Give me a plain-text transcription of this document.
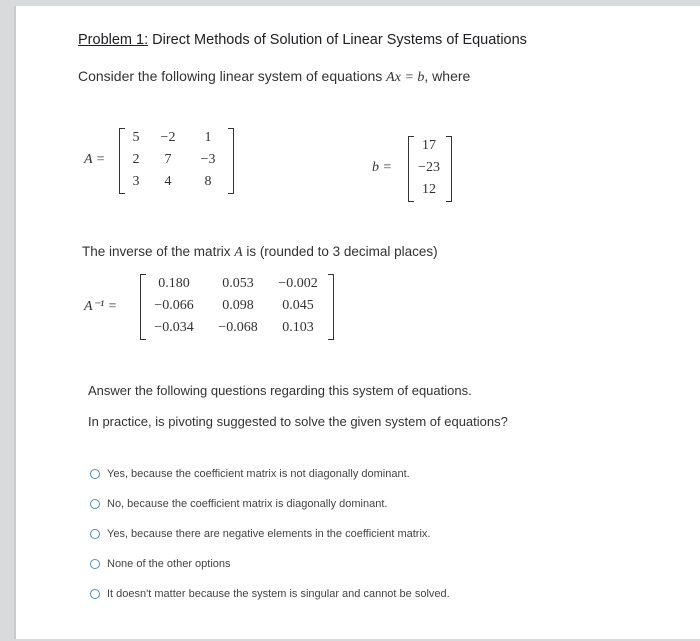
Problem 1: Direct Methods of Solution of Linear Systems of Equations
Consider the following linear system of equations Ax = b, where
A =
5	−2	1
2	7	−3
3	4	8
b =
17
−23
12
The inverse of the matrix A is (rounded to 3 decimal places)
A⁻¹ =
0.180	0.053	−0.002
−0.066	0.098	0.045
−0.034	−0.068	0.103
Answer the following questions regarding this system of equations.
In practice, is pivoting suggested to solve the given system of equations?
Yes, because the coefficient matrix is not diagonally dominant.
No, because the coefficient matrix is diagonally dominant.
Yes, because there are negative elements in the coefficient matrix.
None of the other options
It doesn't matter because the system is singular and cannot be solved.
